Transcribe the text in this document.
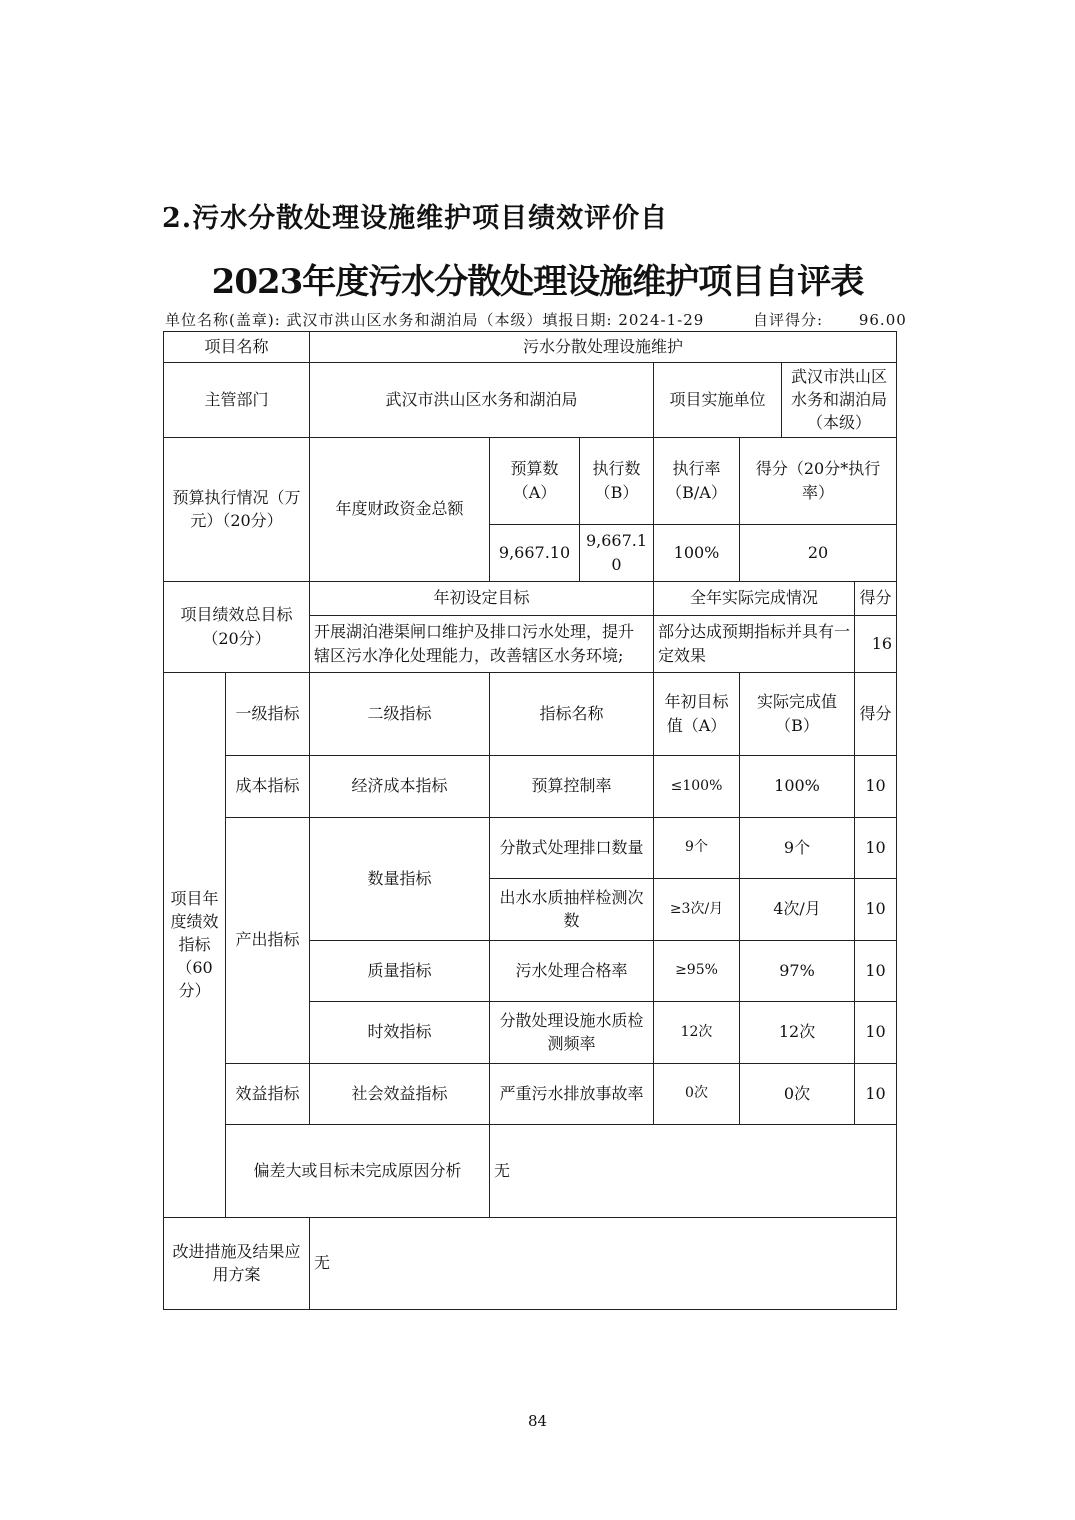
2.污水分散处理设施维护项目绩效评价自
2023年度污水分散处理设施维护项目自评表
单位名称(盖章): 武汉市洪山区水务和湖泊局（本级）填报日期: 2024-1-29	自评得分: 96.00
项目名称		污水分散处理设施维护						
主管部门		武汉市洪山区水务和湖泊局			项目实施单位		武汉市洪山区水务和湖泊局（本级）	
预算执行情况（万元）（20分）		年度财政资金总额	预算数（A）	执行数（B）	执行率（B/A）	得分（20分*执行率）		
			9,667.10	9,667.10	100%	20		
项目绩效总目标（20分）		年初设定目标			全年实际完成情况			得分
		开展湖泊港渠闸口维护及排口污水处理，提升辖区污水净化处理能力，改善辖区水务环境;			部分达成预期指标并具有一定效果			16
项目年度绩效指标（60分）	一级指标	二级指标	指标名称		年初目标值（A）	实际完成值（B）		得分
	成本指标	经济成本指标	预算控制率		≤100%	100%		10
	产出指标	数量指标	分散式处理排口数量		9个	9个		10
			出水水质抽样检测次数		≥3次/月	4次/月		10
		质量指标	污水处理合格率		≥95%	97%		10
		时效指标	分散处理设施水质检测频率		12次	12次		10
	效益指标	社会效益指标	严重污水排放事故率		0次	0次		10
	偏差大或目标未完成原因分析		无					
改进措施及结果应用方案		无						
84
